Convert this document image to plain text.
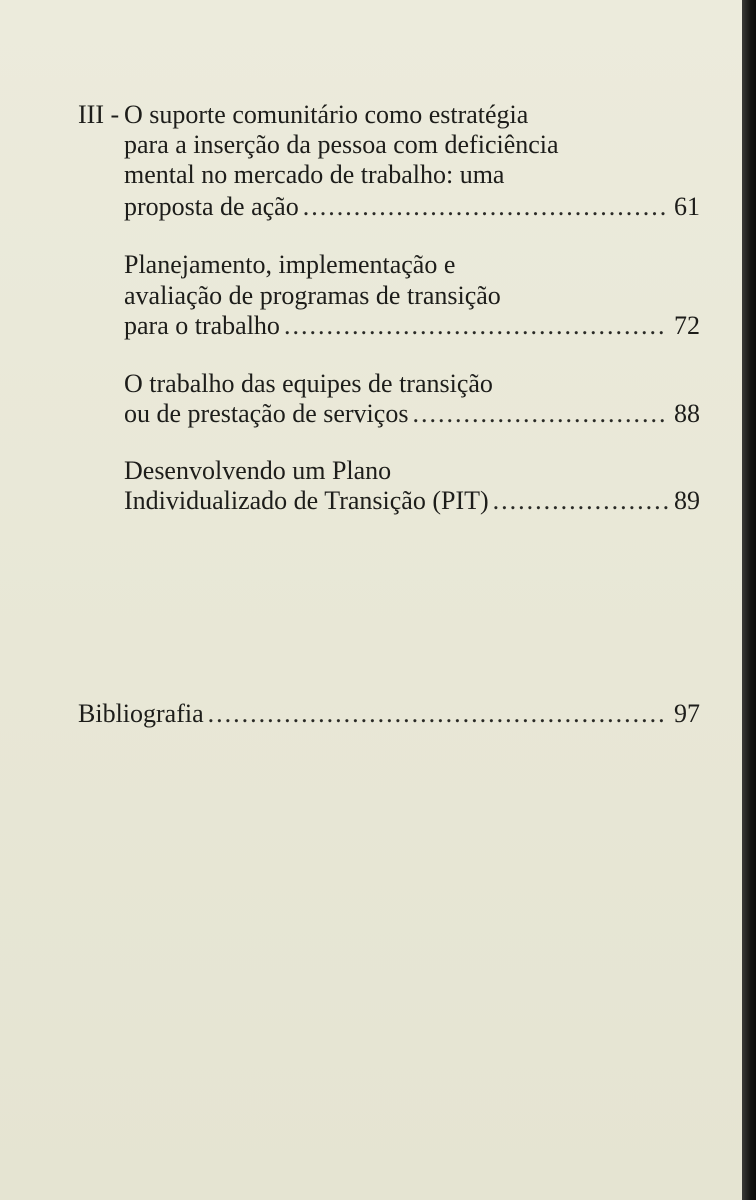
III - O suporte comunitário como estratégia
para a inserção da pessoa com deficiência
mental no mercado de trabalho: uma
proposta de ação .....	61
Planejamento, implementação e
avaliação de programas de transição
para o trabalho .....	72
O trabalho das equipes de transição
ou de prestação de serviços .....	88
Desenvolvendo um Plano
Individualizado de Transição (PIT) .....	89
Bibliografia .....	97
